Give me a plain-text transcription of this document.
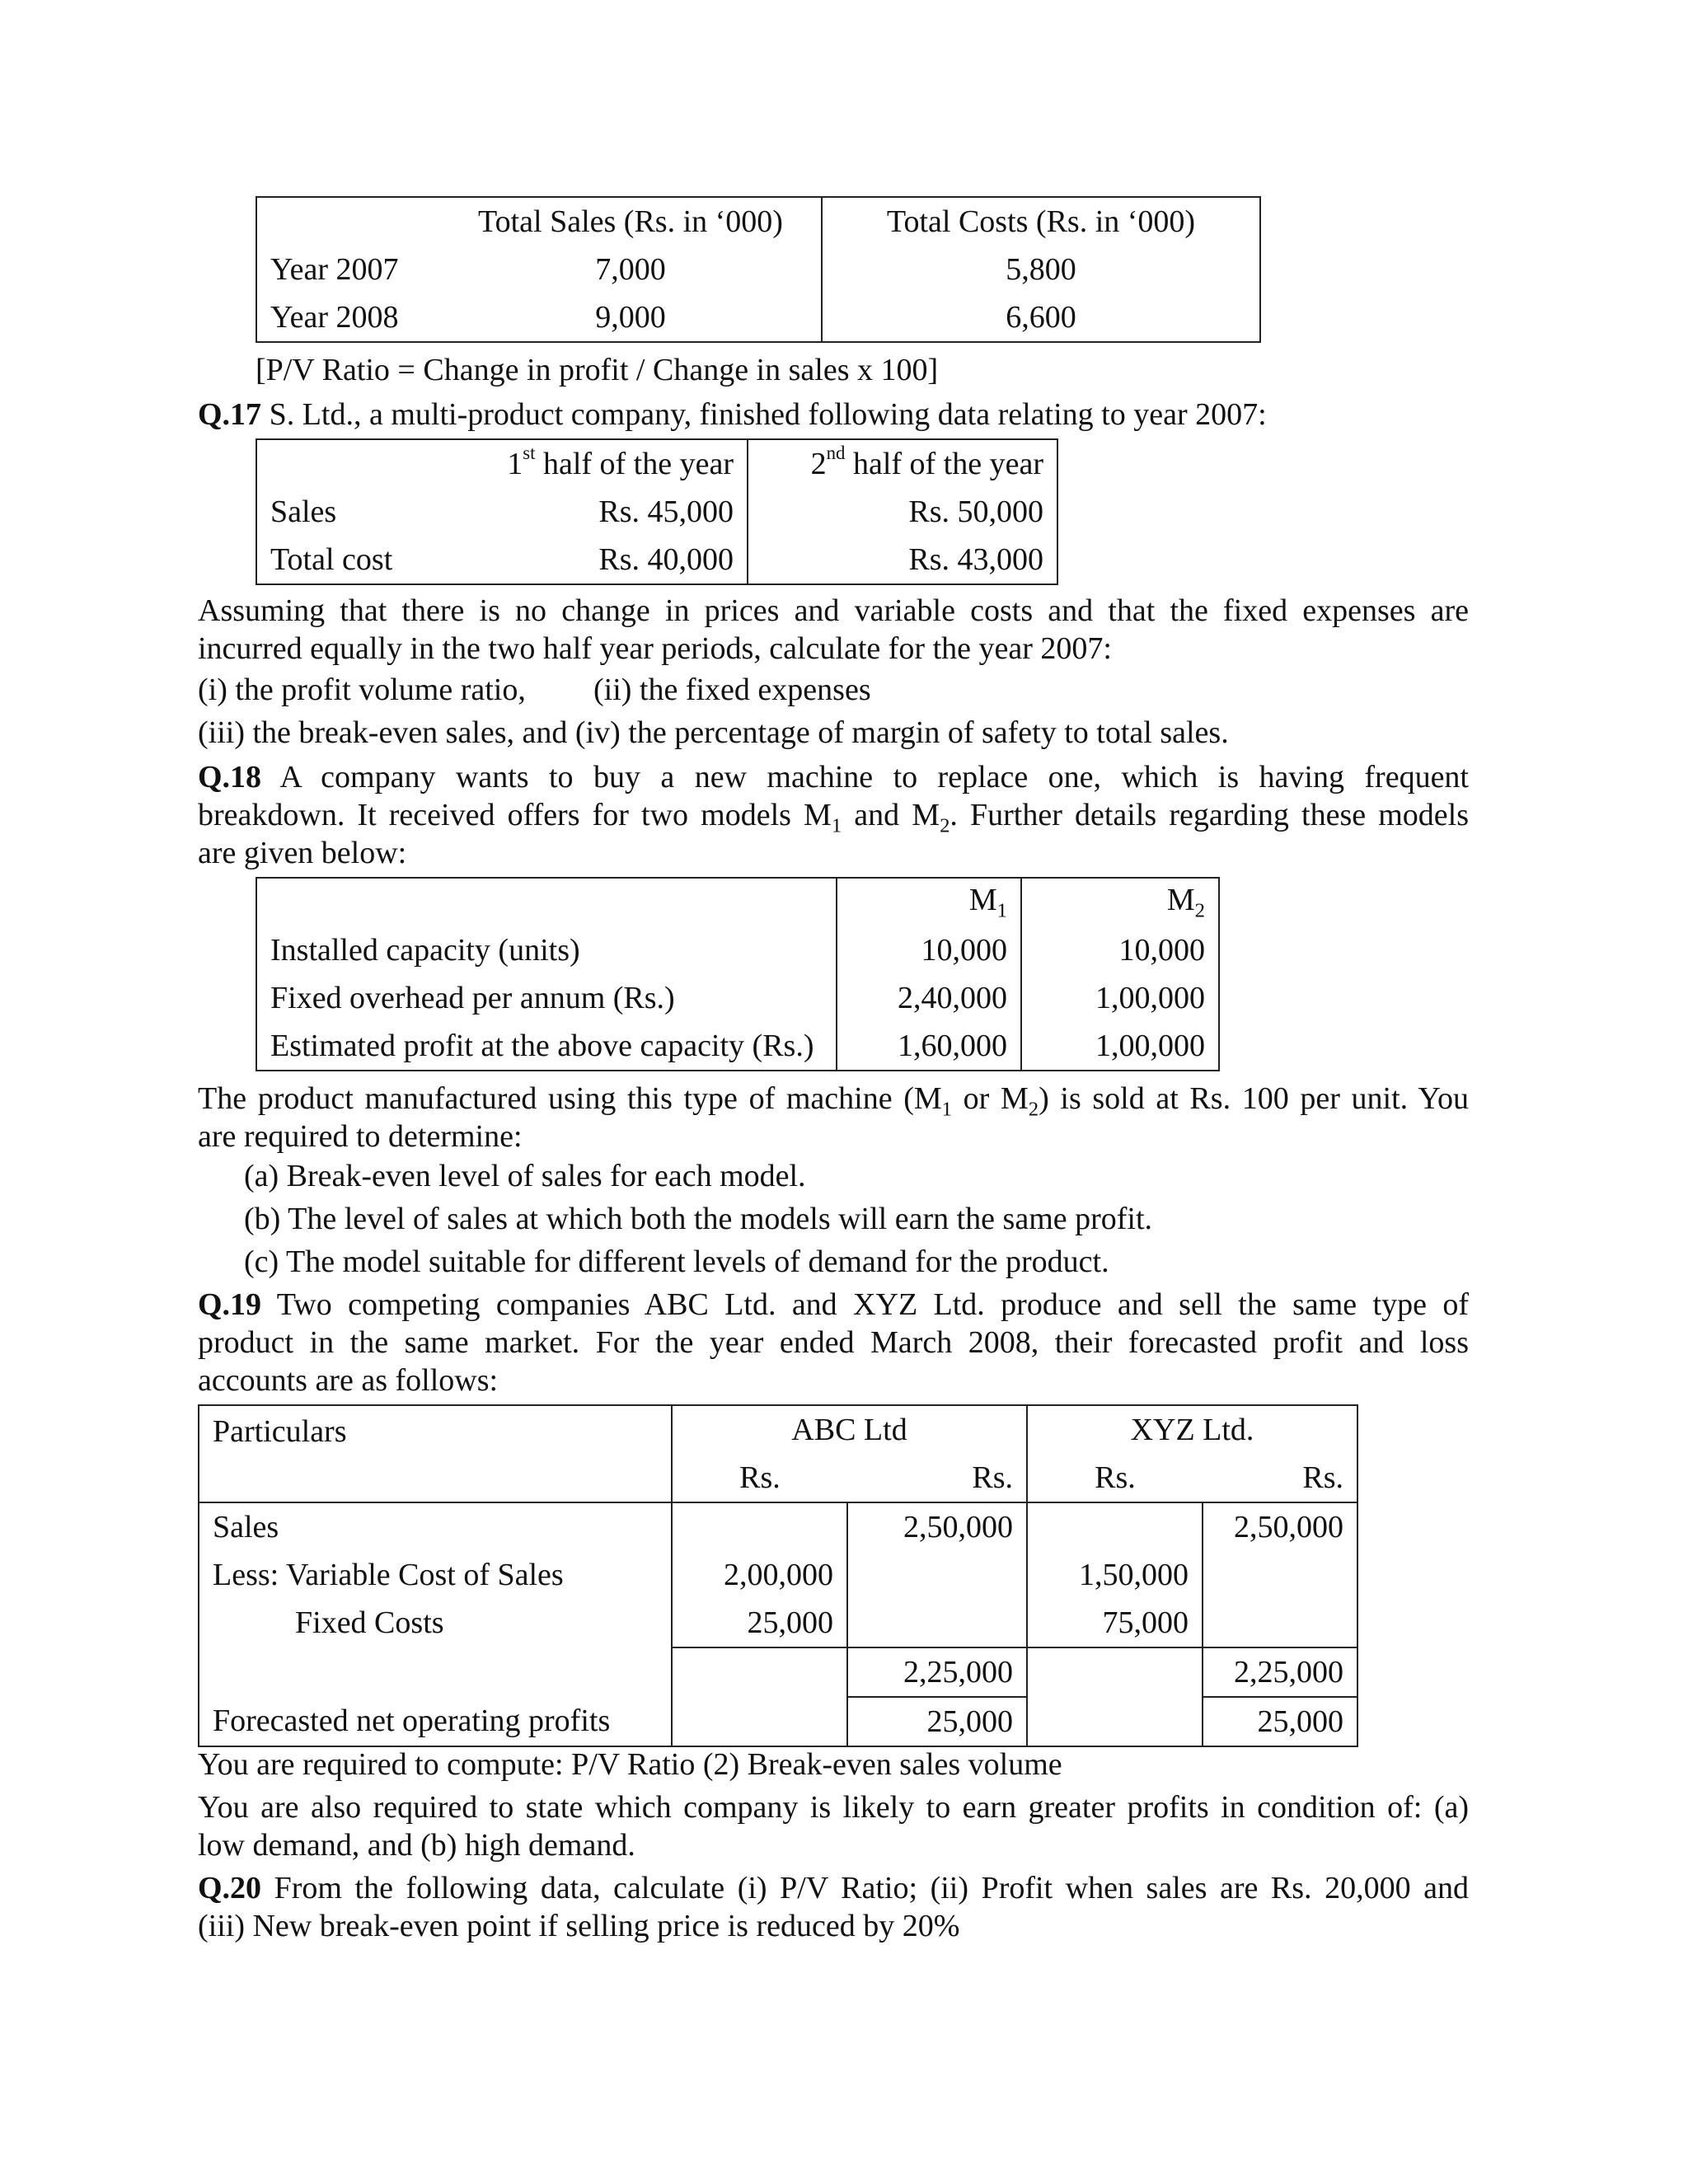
	Total Sales (Rs. in ‘000)	Total Costs (Rs. in ‘000)
Year 2007	7,000	5,800
Year 2008	9,000	6,600

[P/V Ratio = Change in profit / Change in sales x 100]

Q.17 S. Ltd., a multi-product company, finished following data relating to year 2007:

	1st half of the year	2nd half of the year
Sales	Rs. 45,000	Rs. 50,000
Total cost	Rs. 40,000	Rs. 43,000

Assuming that there is no change in prices and variable costs and that the fixed expenses are

incurred equally in the two half year periods, calculate for the year 2007:

(i) the profit volume ratio, (ii) the fixed expenses

(iii) the break-even sales, and (iv) the percentage of margin of safety to total sales.

Q.18 A company wants to buy a new machine to replace one, which is having frequent

breakdown. It received offers for two models $M_1$ and $M_2$. Further details regarding these models

are given below:

	$M_1$	$M_2$
Installed capacity (units)	10,000	10,000
Fixed overhead per annum (Rs.)	2,40,000	1,00,000
Estimated profit at the above capacity (Rs.)	1,60,000	1,00,000

The product manufactured using this type of machine ($M_1$ or $M_2$) is sold at Rs. 100 per unit. You

are required to determine:

(a) Break-even level of sales for each model.

(b) The level of sales at which both the models will earn the same profit.

(c) The model suitable for different levels of demand for the product.

Q.19 Two competing companies ABC Ltd. and XYZ Ltd. produce and sell the same type of

product in the same market. For the year ended March 2008, their forecasted profit and loss

accounts are as follows:

Particulars	ABC Ltd		XYZ Ltd.	
	Rs.	Rs.	Rs.	Rs.
Sales		2,50,000		2,50,000
Less: Variable Cost of Sales	2,00,000		1,50,000	
Fixed Costs	25,000		75,000	
		2,25,000		2,25,000
Forecasted net operating profits		25,000		25,000

You are required to compute: P/V Ratio (2) Break-even sales volume

You are also required to state which company is likely to earn greater profits in condition of: (a)

low demand, and (b) high demand.

Q.20 From the following data, calculate (i) P/V Ratio; (ii) Profit when sales are Rs. 20,000 and

(iii) New break-even point if selling price is reduced by 20%
